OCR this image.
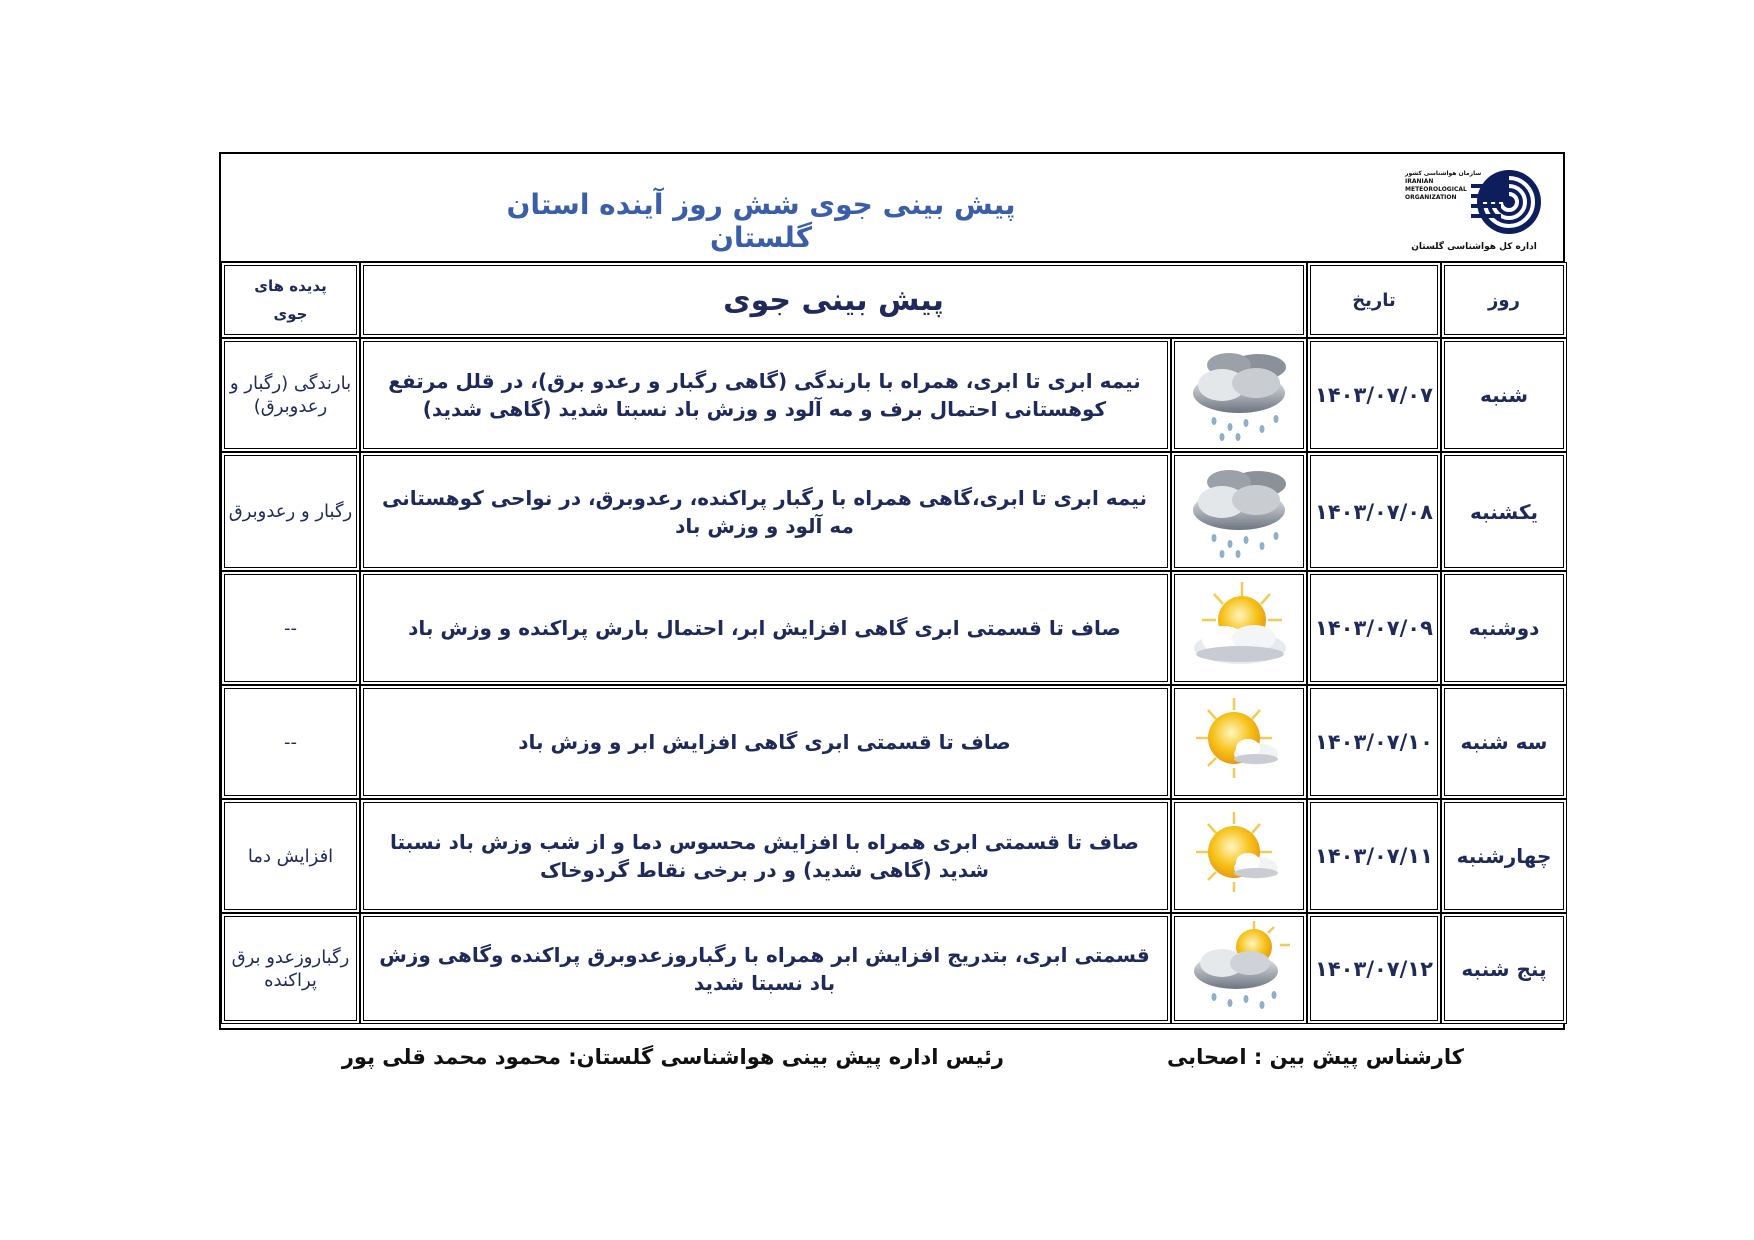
پیش بینی جوی شش روز آینده استان گلستان
سازمان هواشناسی کشور
IRANIAN
METEOROLOGICAL
ORGANIZATION
اداره کل هواشناسی گلستان
روز	تاریخ	پیش بینی جوی		پدیده های
جوی

شنبه	۱۴۰۳/۰۷/۰۷		نیمه ابری تا ابری، همراه با بارندگی (گاهی رگبار و رعدو برق)، در قلل مرتفع کوهستانی احتمال برف و مه آلود و وزش باد نسبتا شدید (گاهی شدید)	بارندگی (رگبار و رعدوبرق)
یکشنبه	۱۴۰۳/۰۷/۰۸		نیمه ابری تا ابری،گاهی همراه با رگبار پراکنده، رعدوبرق، در نواحی کوهستانی مه آلود و وزش باد	رگبار و رعدوبرق
دوشنبه	۱۴۰۳/۰۷/۰۹		صاف تا قسمتی ابری گاهی افزایش ابر، احتمال بارش پراکنده و وزش باد	--
سه شنبه	۱۴۰۳/۰۷/۱۰		صاف تا قسمتی ابری گاهی افزایش ابر و وزش باد	--
چهارشنبه	۱۴۰۳/۰۷/۱۱		صاف تا قسمتی ابری همراه با افزایش محسوس دما و از شب وزش باد نسبتا شدید (گاهی شدید) و در برخی نقاط گردوخاک	افزایش دما
پنج شنبه	۱۴۰۳/۰۷/۱۲		قسمتی ابری، بتدریج افزایش ابر همراه با رگباروزعدوبرق پراکنده وگاهی وزش باد نسبتا شدید	رگباروزعدو برق پراکنده
کارشناس پیش بین : اصحابی
رئیس اداره پیش بینی هواشناسی گلستان: محمود محمد قلی پور
